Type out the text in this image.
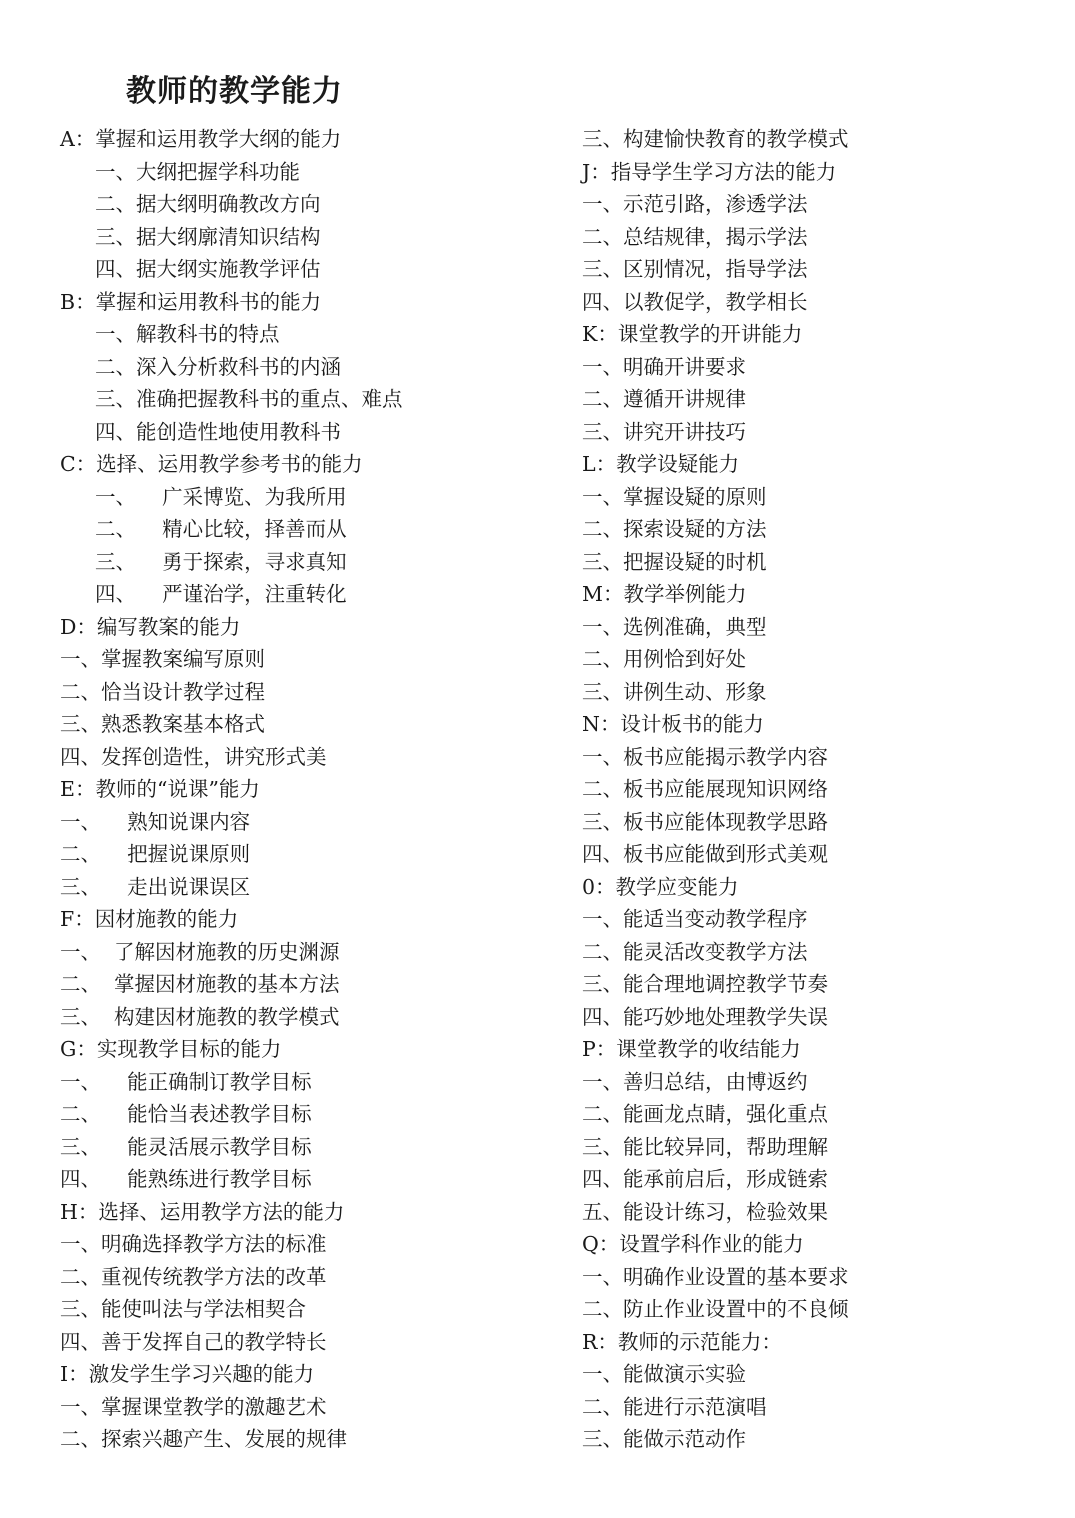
教师的教学能力
A：掌握和运用教学大纲的能力
一、大纲把握学科功能
二、据大纲明确教改方向
三、据大纲廓清知识结构
四、据大纲实施教学评估
B：掌握和运用教科书的能力
一、解教科书的特点
二、深入分析救科书的内涵
三、准确把握教科书的重点、难点
四、能创造性地使用教科书
C：选择、运用教学参考书的能力
一、    广采博览、为我所用
二、    精心比较，择善而从
三、    勇于探索，寻求真知
四、    严谨治学，注重转化
D：编写教案的能力
一、掌握教案编写原则
二、恰当设计教学过程
三、熟悉教案基本格式
四、发挥创造性，讲究形式美
E：教师的“说课”能力
一、    熟知说课内容
二、    把握说课原则
三、    走出说课误区
F：因材施教的能力
一、  了解因材施教的历史渊源
二、  掌握因材施教的基本方法
三、  构建因材施教的教学模式
G：实现教学目标的能力
一、    能正确制订教学目标
二、    能恰当表述教学目标
三、    能灵活展示教学目标
四、    能熟练进行教学目标
H：选择、运用教学方法的能力
一、明确选择教学方法的标准
二、重视传统教学方法的改革
三、能使叫法与学法相契合
四、善于发挥自己的教学特长
I：激发学生学习兴趣的能力
一、掌握课堂教学的激趣艺术
二、探索兴趣产生、发展的规律
三、构建愉快教育的教学模式
J：指导学生学习方法的能力
一、示范引路，渗透学法
二、总结规律，揭示学法
三、区别情况，指导学法
四、以教促学，教学相长
K：课堂教学的开讲能力
一、明确开讲要求
二、遵循开讲规律
三、讲究开讲技巧
L：教学设疑能力
一、掌握设疑的原则
二、探索设疑的方法
三、把握设疑的时机
M：教学举例能力
一、选例准确，典型
二、用例恰到好处
三、讲例生动、形象
N：设计板书的能力
一、板书应能揭示教学内容
二、板书应能展现知识网络
三、板书应能体现教学思路
四、板书应能做到形式美观
0：教学应变能力
一、能适当变动教学程序
二、能灵活改变教学方法
三、能合理地调控教学节奏
四、能巧妙地处理教学失误
P：课堂教学的收结能力
一、善归总结，由博返约
二、能画龙点睛，强化重点
三、能比较异同，帮助理解
四、能承前启后，形成链索
五、能设计练习，检验效果
Q：设置学科作业的能力
一、明确作业设置的基本要求
二、防止作业设置中的不良倾
R：教师的示范能力：
一、能做演示实验
二、能进行示范演唱
三、能做示范动作
